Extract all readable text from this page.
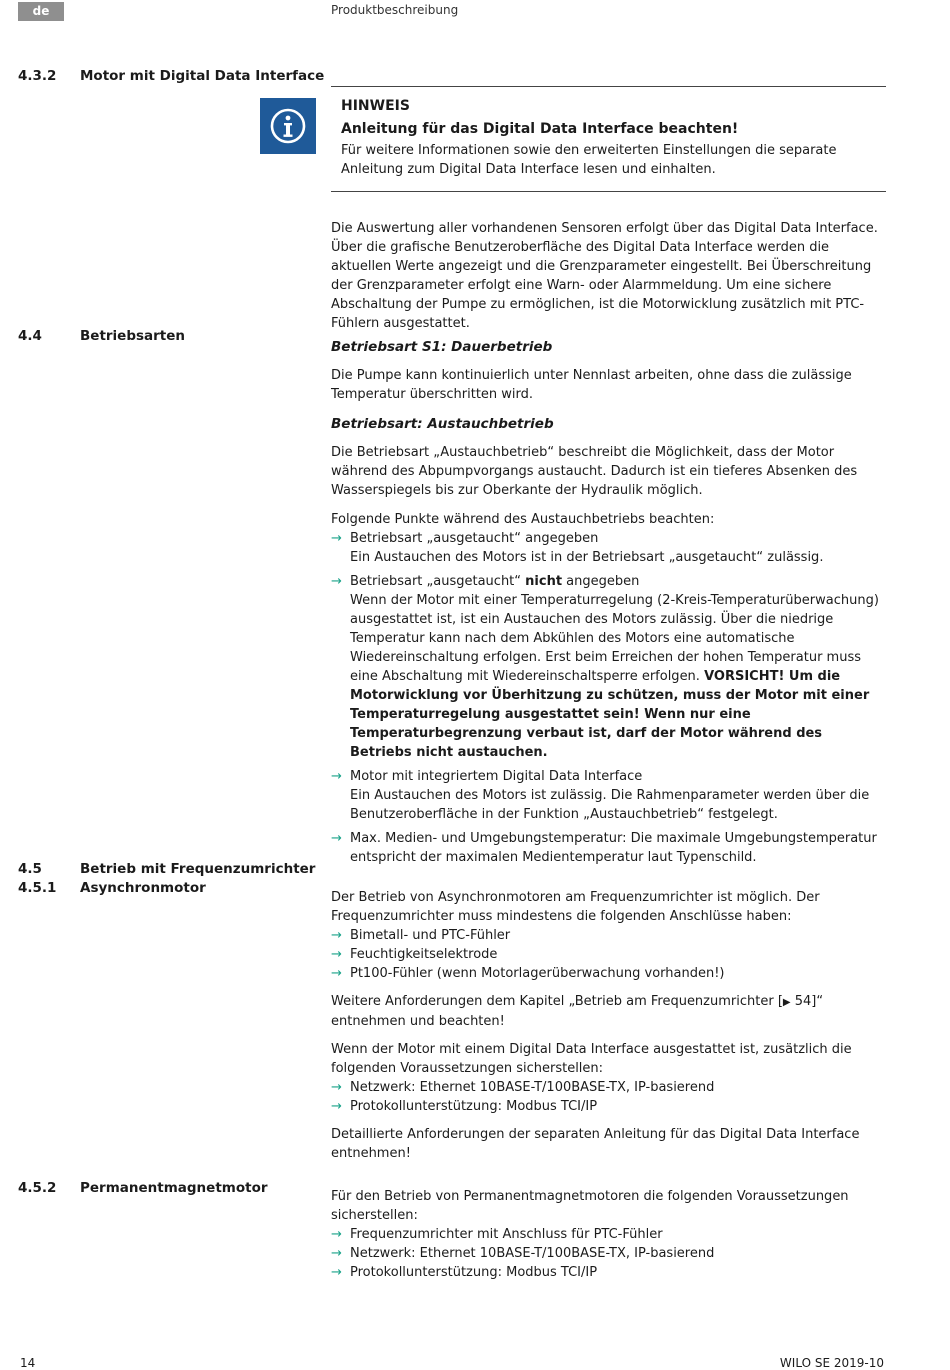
de	Produktbeschreibung
4.3.2 Motor mit Digital Data Interface
4.4	Betriebsarten
4.5	Betrieb mit Frequenzumrichter
4.5.1 Asynchronmotor
4.5.2 Permanentmagnetmotor

HINWEIS

Anleitung für das Digital Data Interface beachten!

Für weitere Informationen sowie den erweiterten Einstellungen die separate Anleitung zum Digital Data Interface lesen und einhalten.

Die Auswertung aller vorhandenen Sensoren erfolgt über das Digital Data Interface. Über die grafische Benutzeroberfläche des Digital Data Interface werden die aktuellen Werte angezeigt und die Grenzparameter eingestellt. Bei Überschreitung der Grenzparameter erfolgt eine Warn- oder Alarmmeldung. Um eine sichere Abschaltung der Pumpe zu ermöglichen, ist die Motorwicklung zusätzlich mit PTC-Fühlern ausgestattet.

Betriebsart S1: Dauerbetrieb

Die Pumpe kann kontinuierlich unter Nennlast arbeiten, ohne dass die zulässige Temperatur überschritten wird.

Betriebsart: Austauchbetrieb

Die Betriebsart „Austauchbetrieb“ beschreibt die Möglichkeit, dass der Motor während des Abpumpvorgangs austaucht. Dadurch ist ein tieferes Absenken des Wasserspiegels bis zur Oberkante der Hydraulik möglich.

Folgende Punkte während des Austauchbetriebs beachten:

→ Betriebsart „ausgetaucht“ angegeben
Ein Austauchen des Motors ist in der Betriebsart „ausgetaucht“ zulässig.
→ Betriebsart „ausgetaucht“ nicht angegeben
Wenn der Motor mit einer Temperaturregelung (2-Kreis-Temperaturüberwachung) ausgestattet ist, ist ein Austauchen des Motors zulässig. Über die niedrige Temperatur kann nach dem Abkühlen des Motors eine automatische Wiedereinschaltung erfolgen. Erst beim Erreichen der hohen Temperatur muss eine Abschaltung mit Wiedereinschaltsperre erfolgen. VORSICHT! Um die Motorwicklung vor Überhitzung zu schützen, muss der Motor mit einer Temperaturregelung ausgestattet sein! Wenn nur eine Temperaturbegrenzung verbaut ist, darf der Motor während des Betriebs nicht austauchen.
→ Motor mit integriertem Digital Data Interface
Ein Austauchen des Motors ist zulässig. Die Rahmenparameter werden über die Benutzeroberfläche in der Funktion „Austauchbetrieb“ festgelegt.
→ Max. Medien- und Umgebungstemperatur: Die maximale Umgebungstemperatur entspricht der maximalen Medientemperatur laut Typenschild.

Der Betrieb von Asynchronmotoren am Frequenzumrichter ist möglich. Der Frequenzumrichter muss mindestens die folgenden Anschlüsse haben:

→ Bimetall- und PTC-Fühler
→ Feuchtigkeitselektrode
→ Pt100-Fühler (wenn Motorlagerüberwachung vorhanden!)

Weitere Anforderungen dem Kapitel „Betrieb am Frequenzumrichter [▶ 54]“ entnehmen und beachten!

Wenn der Motor mit einem Digital Data Interface ausgestattet ist, zusätzlich die folgenden Voraussetzungen sicherstellen:

→ Netzwerk: Ethernet 10BASE-T/100BASE-TX, IP-basierend
→ Protokollunterstützung: Modbus TCI/IP

Detaillierte Anforderungen der separaten Anleitung für das Digital Data Interface entnehmen!

Für den Betrieb von Permanentmagnetmotoren die folgenden Voraussetzungen sicherstellen:

→ Frequenzumrichter mit Anschluss für PTC-Fühler
→ Netzwerk: Ethernet 10BASE-T/100BASE-TX, IP-basierend
→ Protokollunterstützung: Modbus TCI/IP
14	WILO SE 2019-10
